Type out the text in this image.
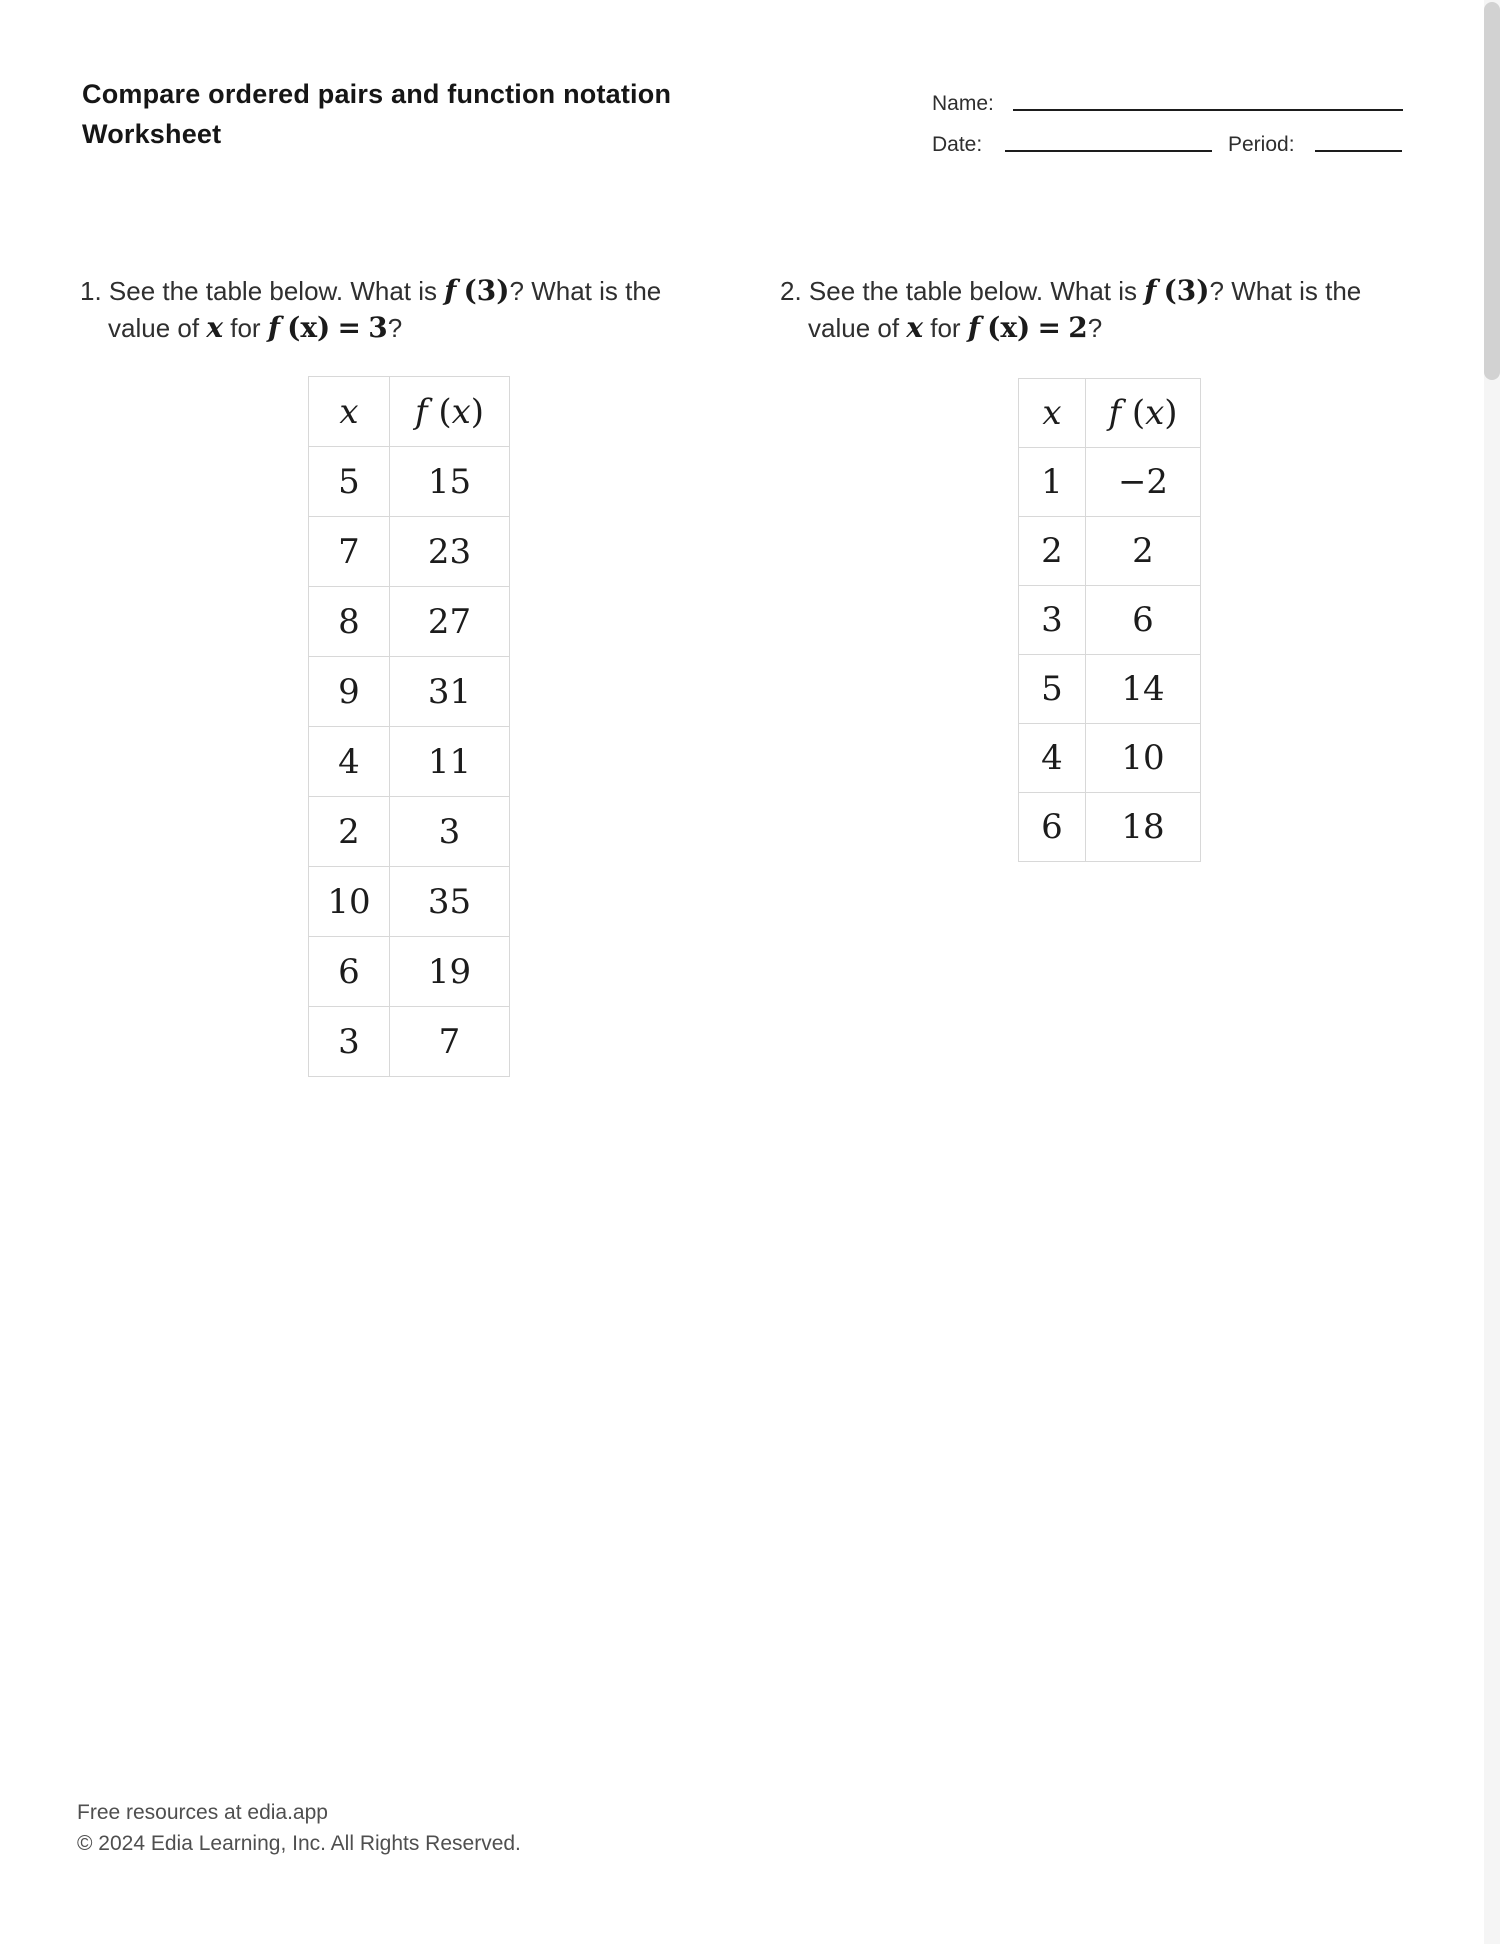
Compare ordered pairs and function notation
Worksheet
Name:
Date:	Period:
1. See the table below. What is f (3)? What is the
value of x for f (x) = 3?
2. See the table below. What is f (3)? What is the
value of x for f (x) = 2?
x	f (x)
5	15
7	23
8	27
9	31
4	11
2	3
10	35
6	19
3	7
x	f (x)
1	−2
2	2
3	6
5	14
4	10
6	18
Free resources at edia.app
© 2024 Edia Learning, Inc. All Rights Reserved.
